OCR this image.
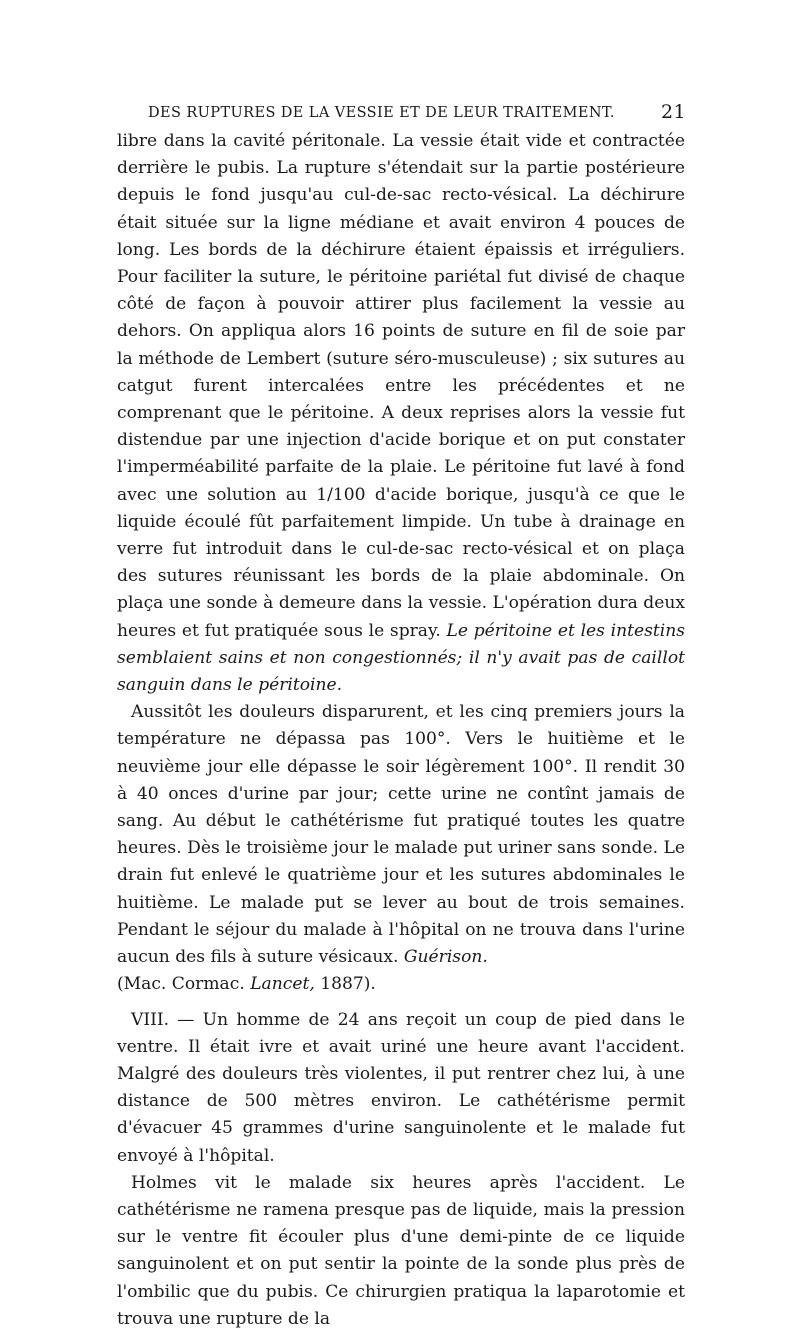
DES RUPTURES DE LA VESSIE ET DE LEUR TRAITEMENT. 21

libre dans la cavité péritonale. La vessie était vide et contractée derrière le pubis. La rupture s'étendait sur la partie postérieure depuis le fond jusqu'au cul-de-sac recto-vésical. La déchirure était située sur la ligne médiane et avait environ 4 pouces de long. Les bords de la déchirure étaient épaissis et irréguliers. Pour faciliter la suture, le péritoine pariétal fut divisé de chaque côté de façon à pouvoir attirer plus facilement la vessie au dehors. On appliqua alors 16 points de suture en fil de soie par la méthode de Lembert (suture séro-musculeuse) ; six sutures au catgut furent intercalées entre les précédentes et ne comprenant que le péritoine. A deux reprises alors la vessie fut distendue par une injection d'acide borique et on put constater l'imperméabilité parfaite de la plaie. Le péritoine fut lavé à fond avec une solution au 1/100 d'acide borique, jusqu'à ce que le liquide écoulé fût parfaitement limpide. Un tube à drainage en verre fut introduit dans le cul-de-sac recto-vésical et on plaça des sutures réunissant les bords de la plaie abdominale. On plaça une sonde à demeure dans la vessie. L'opération dura deux heures et fut pratiquée sous le spray. Le péritoine et les intestins semblaient sains et non congestionnés; il n'y avait pas de caillot sanguin dans le péritoine.

Aussitôt les douleurs disparurent, et les cinq premiers jours la température ne dépassa pas 100°. Vers le huitième et le neuvième jour elle dépasse le soir légèrement 100°. Il rendit 30 à 40 onces d'urine par jour; cette urine ne contînt jamais de sang. Au début le cathétérisme fut pratiqué toutes les quatre heures. Dès le troisième jour le malade put uriner sans sonde. Le drain fut enlevé le quatrième jour et les sutures abdominales le huitième. Le malade put se lever au bout de trois semaines. Pendant le séjour du malade à l'hôpital on ne trouva dans l'urine aucun des fils à suture vésicaux. Guérison.
(Mac. Cormac. Lancet, 1887).

VIII. — Un homme de 24 ans reçoit un coup de pied dans le ventre. Il était ivre et avait uriné une heure avant l'accident. Malgré des douleurs très violentes, il put rentrer chez lui, à une distance de 500 mètres environ. Le cathétérisme permit d'évacuer 45 grammes d'urine sanguinolente et le malade fut envoyé à l'hôpital.

Holmes vit le malade six heures après l'accident. Le cathétérisme ne ramena presque pas de liquide, mais la pression sur le ventre fit écouler plus d'une demi-pinte de ce liquide sanguinolent et on put sentir la pointe de la sonde plus près de l'ombilic que du pubis. Ce chirurgien pratiqua la laparotomie et trouva une rupture de la
